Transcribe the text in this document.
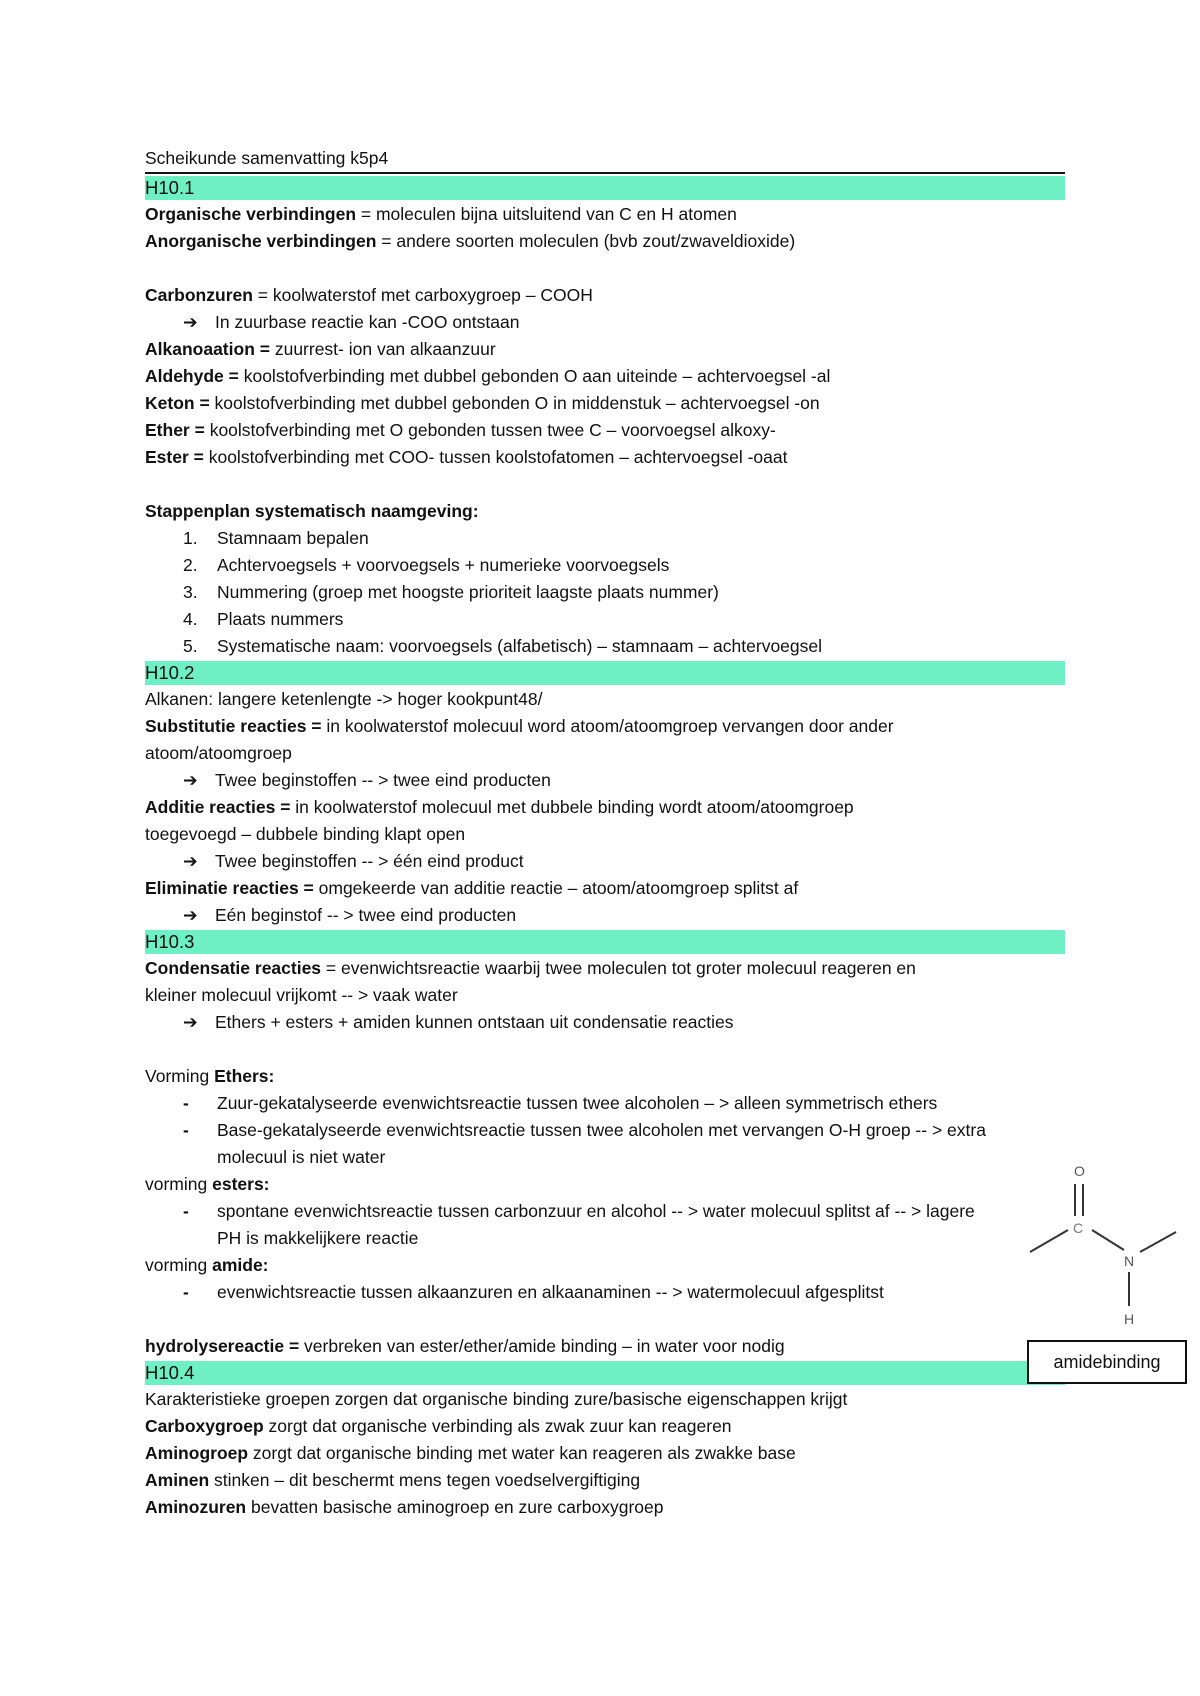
Scheikunde samenvatting k5p4
H10.1
Organische verbindingen = moleculen bijna uitsluitend van C en H atomen
Anorganische verbindingen = andere soorten moleculen (bvb zout/zwaveldioxide)
Carbonzuren = koolwaterstof met carboxygroep – COOH
➔ In zuurbase reactie kan -COO ontstaan
Alkanoaation = zuurrest- ion van alkaanzuur
Aldehyde = koolstofverbinding met dubbel gebonden O aan uiteinde – achtervoegsel -al
Keton = koolstofverbinding met dubbel gebonden O in middenstuk – achtervoegsel -on
Ether = koolstofverbinding met O gebonden tussen twee C – voorvoegsel alkoxy-
Ester = koolstofverbinding met COO- tussen koolstofatomen – achtervoegsel -oaat
Stappenplan systematisch naamgeving:
1. Stamnaam bepalen
2. Achtervoegsels + voorvoegsels + numerieke voorvoegsels
3. Nummering (groep met hoogste prioriteit laagste plaats nummer)
4. Plaats nummers
5. Systematische naam: voorvoegsels (alfabetisch) – stamnaam – achtervoegsel
H10.2
Alkanen: langere ketenlengte -> hoger kookpunt48/
Substitutie reacties = in koolwaterstof molecuul word atoom/atoomgroep vervangen door ander
atoom/atoomgroep
➔ Twee beginstoffen -- > twee eind producten
Additie reacties = in koolwaterstof molecuul met dubbele binding wordt atoom/atoomgroep
toegevoegd – dubbele binding klapt open
➔ Twee beginstoffen -- > één eind product
Eliminatie reacties = omgekeerde van additie reactie – atoom/atoomgroep splitst af
➔ Eén beginstof -- > twee eind producten
H10.3
Condensatie reacties = evenwichtsreactie waarbij twee moleculen tot groter molecuul reageren en
kleiner molecuul vrijkomt -- > vaak water
➔ Ethers + esters + amiden kunnen ontstaan uit condensatie reacties
Vorming Ethers:
-	Zuur-gekatalyseerde evenwichtsreactie tussen twee alcoholen – > alleen symmetrisch ethers
-	Base-gekatalyseerde evenwichtsreactie tussen twee alcoholen met vervangen O-H groep -- > extra molecuul is niet water
vorming esters:
-	spontane evenwichtsreactie tussen carbonzuur en alcohol -- > water molecuul splitst af -- > lagere PH is makkelijkere reactie
vorming amide:
-	evenwichtsreactie tussen alkaanzuren en alkaanaminen -- > watermolecuul afgesplitst
hydrolysereactie = verbreken van ester/ether/amide binding – in water voor nodig
H10.4
Karakteristieke groepen zorgen dat organische binding zure/basische eigenschappen krijgt
Carboxygroep zorgt dat organische verbinding als zwak zuur kan reageren
Aminogroep zorgt dat organische binding met water kan reageren als zwakke base
Aminen stinken – dit beschermt mens tegen voedselvergiftiging
Aminozuren bevatten basische aminogroep en zure carboxygroep
O
C
N
H
amidebinding
